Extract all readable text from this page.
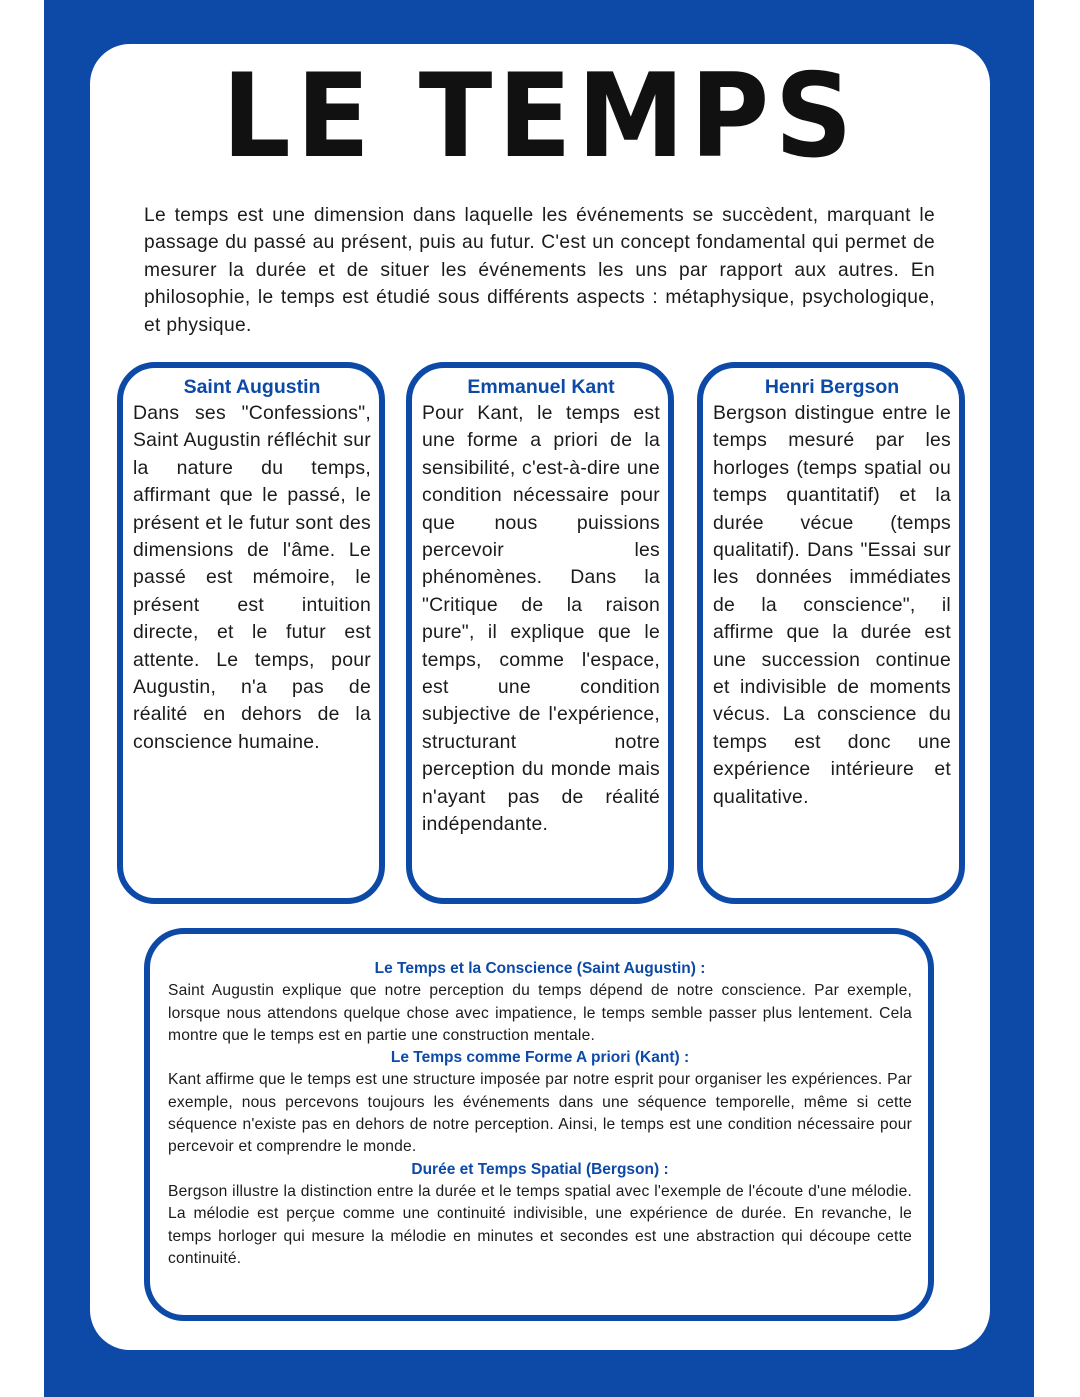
LE TEMPS

Le temps est une dimension dans laquelle les événements se succèdent, marquant le passage du passé au présent, puis au futur. C'est un concept fondamental qui permet de mesurer la durée et de situer les événements les uns par rapport aux autres. En philosophie, le temps est étudié sous différents aspects : métaphysique, psychologique, et physique.

Saint Augustin

Dans ses "Confessions", Saint Augustin réfléchit sur la nature du temps, affirmant que le passé, le présent et le futur sont des dimensions de l'âme. Le passé est mémoire, le présent est intuition directe, et le futur est attente. Le temps, pour Augustin, n'a pas de réalité en dehors de la conscience humaine.

Emmanuel Kant

Pour Kant, le temps est une forme a priori de la sensibilité, c'est-à-dire une condition nécessaire pour que nous puissions percevoir les phénomènes. Dans la "Critique de la raison pure", il explique que le temps, comme l'espace, est une condition subjective de l'expérience, structurant notre perception du monde mais n'ayant pas de réalité indépendante.

Henri Bergson

Bergson distingue entre le temps mesuré par les horloges (temps spatial ou temps quantitatif) et la durée vécue (temps qualitatif). Dans "Essai sur les données immédiates de la conscience", il affirme que la durée est une succession continue et indivisible de moments vécus. La conscience du temps est donc une expérience intérieure et qualitative.

Le Temps et la Conscience (Saint Augustin) :

Saint Augustin explique que notre perception du temps dépend de notre conscience. Par exemple, lorsque nous attendons quelque chose avec impatience, le temps semble passer plus lentement. Cela montre que le temps est en partie une construction mentale.

Le Temps comme Forme A priori (Kant) :

Kant affirme que le temps est une structure imposée par notre esprit pour organiser les expériences. Par exemple, nous percevons toujours les événements dans une séquence temporelle, même si cette séquence n'existe pas en dehors de notre perception. Ainsi, le temps est une condition nécessaire pour percevoir et comprendre le monde.

Durée et Temps Spatial (Bergson) :

Bergson illustre la distinction entre la durée et le temps spatial avec l'exemple de l'écoute d'une mélodie. La mélodie est perçue comme une continuité indivisible, une expérience de durée. En revanche, le temps horloger qui mesure la mélodie en minutes et secondes est une abstraction qui découpe cette continuité.
